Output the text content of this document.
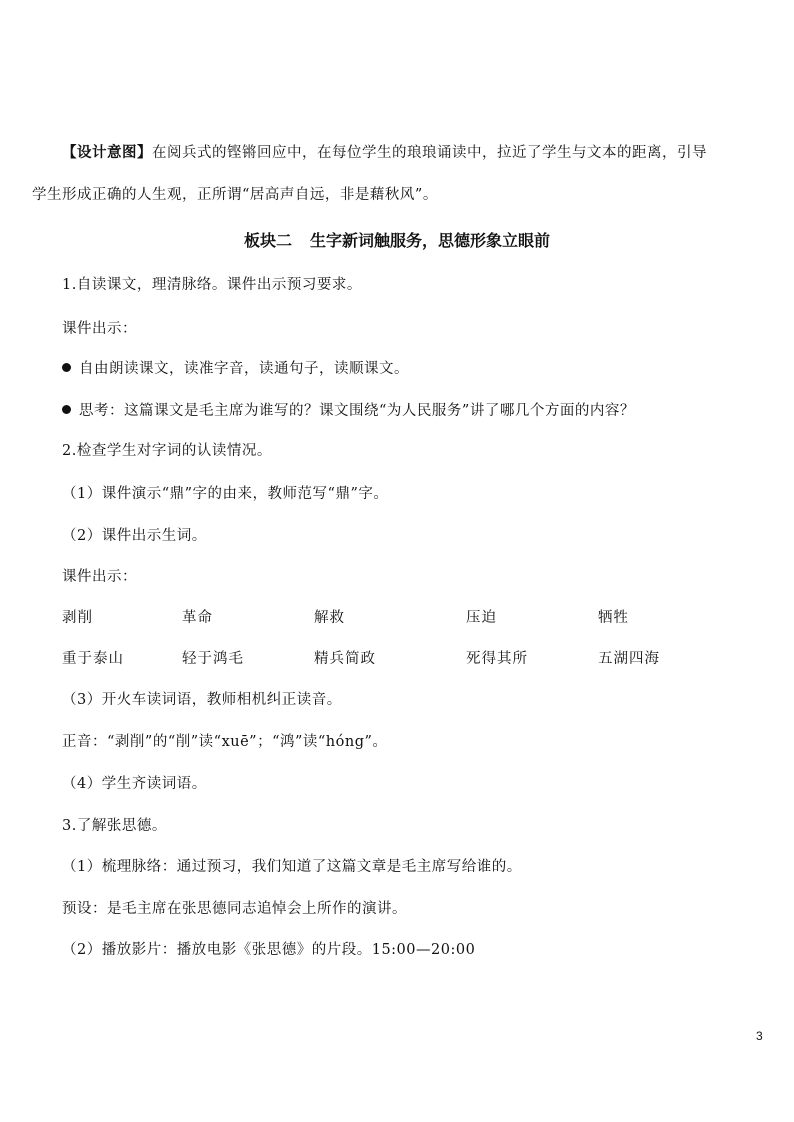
【设计意图】在阅兵式的铿锵回应中，在每位学生的琅琅诵读中，拉近了学生与文本的距离，引导
学生形成正确的人生观，正所谓“居高声自远，非是藉秋风”。
板块二 生字新词触服务，思德形象立眼前
1.自读课文，理清脉络。课件出示预习要求。
课件出示：
自由朗读课文，读准字音，读通句子，读顺课文。
思考：这篇课文是毛主席为谁写的？课文围绕“为人民服务”讲了哪几个方面的内容？
2.检查学生对字词的认读情况。
（1）课件演示“鼎”字的由来，教师范写“鼎”字。
（2）课件出示生词。
课件出示：
剥削	革命	解救	压迫	牺牲
重于泰山	轻于鸿毛	精兵简政	死得其所	五湖四海
（3）开火车读词语，教师相机纠正读音。
正音：“剥削”的“削”读“xuē”；“鸿”读“hóng”。
（4）学生齐读词语。
3.了解张思德。
（1）梳理脉络：通过预习，我们知道了这篇文章是毛主席写给谁的。
预设：是毛主席在张思德同志追悼会上所作的演讲。
（2）播放影片：播放电影《张思德》的片段。15:00—20:00
3
